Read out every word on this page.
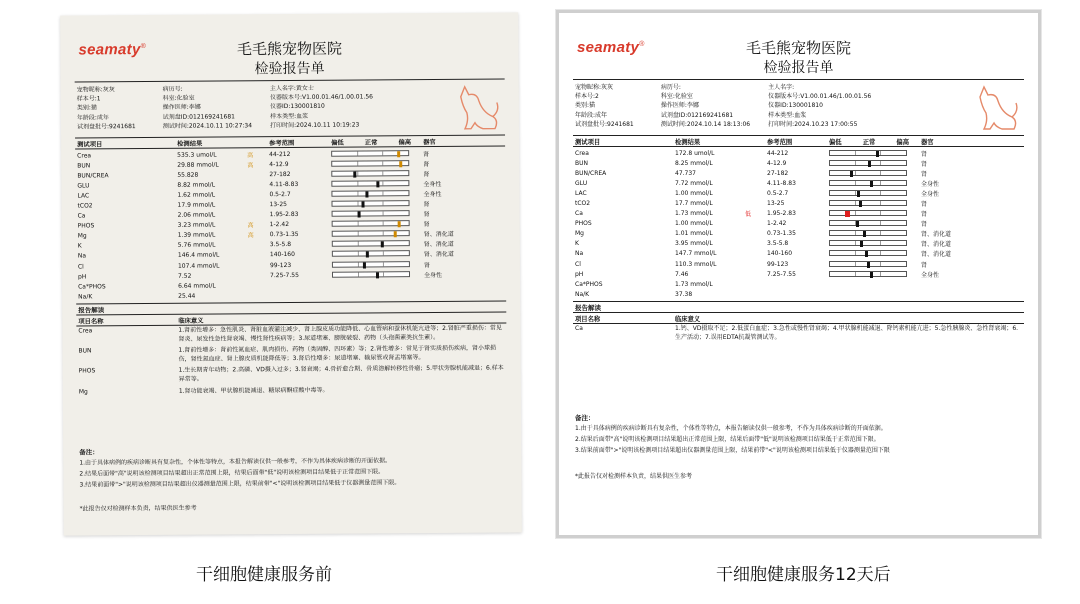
seamaty®	毛毛熊宠物医院
检验报告单
宠物昵称:灰灰	病历号:	主人名字:黄女士
样本号:1	科室:化验室	仪器版本号:V1.00.01.46/1.00.01.56
类别:猫	操作医师:李娜	仪器ID:130001810
年龄段:成年	试剂盘ID:012169241681	样本类型:血浆
试剂盘批号:9241681	测试时间:2024.10.11 10:27:34	打印时间:2024.10.11 10:19:23
测试项目	检测结果	参考范围	偏低	正常	偏高	器官
Crea	535.3 umol/L	高	44-212	肾
BUN	29.88 mmol/L	高	4-12.9	肾
BUN/CREA	55.828	27-182	肾
GLU	8.82 mmol/L	4.11-8.83	全身性
LAC	1.62 mmol/L	0.5-2.7	全身性
tCO2	17.9 mmol/L	13-25	肾
Ca	2.06 mmol/L	1.95-2.83	肾
PHOS	3.23 mmol/L	高	1-2.42	肾
Mg	1.39 mmol/L	高	0.73-1.35	肾、消化道
K	5.76 mmol/L	3.5-5.8	肾、消化道
Na	146.4 mmol/L	140-160	肾、消化道
Cl	107.4 mmol/L	99-123	肾
pH	7.52	7.25-7.55	全身性
Ca*PHOS	6.64 mmol/L
Na/K	25.44
报告解读
项目名称	临床意义
Crea	1.肾前性增多：急性肌炎、肾脏血液灌注减少、肾上腺皮质功能降低、心血管病和蚕休机能亢进等；2.肾脏严重损伤：常见肾炎、尿发性急性肾衰竭、慢性肾性疾病等；3.尿道堵塞、膀胱破裂、药物（头孢菌素类抗生素）。
BUN	1.肾前性增多：肾前性氮血症、肌肉损伤、药物（类固醇、四环素）等；2.肾性增多：常见于肾实质损伤疾病，肾小球损伤，肾性氮血症、肾上腺皮质机能降低等；3.肾后性增多：尿道堵塞、输尿管或肾盂堵塞等。
PHOS	1.生长期青年动物；2.高磷、VD摄入过多；3.肾衰竭；4.骨折愈合期、骨质溶解转移性骨瘤；5.甲状旁腺机能减退；6.样本异常等。
Mg	1.肾功能衰竭、甲状腺机能减退、糖尿病酮症酸中毒等。
备注：
1.由于具体病例的疾病诊断具有复杂性，个体性等特点，本报告解读仅供一般参考，不作为具体疾病诊断的开面依据。
2.结果后面带"高"说明该检测项目结果超出正常范围上限，结果后面带"低"说明该检测项目结果低于正常范围下限。
3.结果前面带">"说明该检测项目结果超出仪器测量范围上限，结果前带"<"说明该检测项目结果低于仪器测量范围下限。
*此报告仅对检测样本负责，结果供医生参考
seamaty®	毛毛熊宠物医院
检验报告单
宠物昵称:灰灰	病历号:	主人名字:
样本号:2	科室:化验室	仪器版本号:V1.00.01.46/1.00.01.56
类别:猫	操作医师:李娜	仪器ID:130001810
年龄段:成年	试剂盘ID:012169241681	样本类型:血浆
试剂盘批号:9241681	测试时间:2024.10.14 18:13:06	打印时间:2024.10.23 17:00:55
测试项目	检测结果	参考范围	偏低	正常	偏高	器官
Crea	172.8 umol/L	44-212	肾
BUN	8.25 mmol/L	4-12.9	肾
BUN/CREA	47.737	27-182	肾
GLU	7.72 mmol/L	4.11-8.83	全身性
LAC	1.00 mmol/L	0.5-2.7	全身性
tCO2	17.7 mmol/L	13-25	肾
Ca	1.73 mmol/L	低	1.95-2.83	肾
PHOS	1.00 mmol/L	1-2.42	肾
Mg	1.01 mmol/L	0.73-1.35	肾、消化道
K	3.95 mmol/L	3.5-5.8	肾、消化道
Na	147.7 mmol/L	140-160	肾、消化道
Cl	110.3 mmol/L	99-123	肾
pH	7.46	7.25-7.55	全身性
Ca*PHOS	1.73 mmol/L
Na/K	37.38
报告解读
项目名称	临床意义
Ca	1.钙、VD摄取不足；2.低蛋白血症；3.急性或慢性肾衰竭；4.甲状腺机能减退、降钙素机能亢进；5.急性胰腺炎、急性肾衰竭；6.生产活动；7.误用EDTA抗凝管测试等。
备注：
1.由于具体病例的疾病诊断具有复杂性，个体性等特点，本报告解读仅供一般参考，不作为具体疾病诊断的开面依据。
2.结果后面带"高"说明该检测项目结果超出正常范围上限，结果后面带"低"说明该检测项目结果低于正常范围下限。
3.结果前面带">"说明该检测项目结果超出仪器测量范围上限，结果前带"<"说明该检测项目结果低于仪器测量范围下限
*此报告仅对检测样本负责，结果供医生参考
干细胞健康服务前	干细胞健康服务12天后
